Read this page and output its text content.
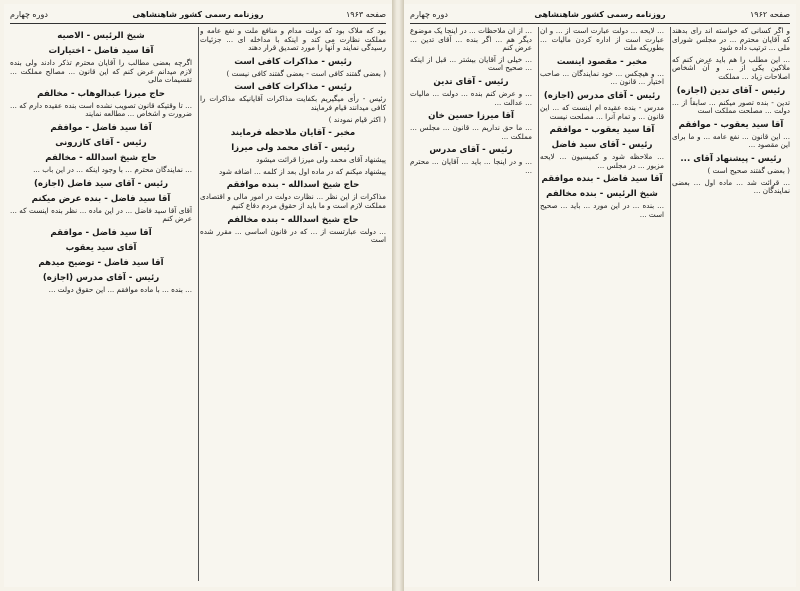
دوره چهارم	روزنامه رسمی کشور شاهنشاهی	صفحه ۱۹۶۳

بود که ملاک بود که دولت مدام و منافع ملت و نفع عامه و مملکت نظارت می کند و اینکه با مداخله ای ... جزئیات رسیدگی نمایند و آنها را مورد تصدیق قرار دهند

رئیس - مذاکرات کافی است

( بعضی گفتند کافی است - بعضی گفتند کافی نیست )

رئیس - مذاکرات کافی است

رئیس - رأی میگیریم بکفایت مذاکرات آقایانیکه مذاکرات را کافی میدانند قیام فرمایند

( اکثر قیام نمودند )

مخبر - آقایان ملاحظه فرمایند
رئیس - آقای محمد ولی میرزا

پیشنهاد آقای محمد ولی میرزا قرائت میشود

پیشنهاد میکنم که در ماده اول بعد از کلمه ... اضافه شود

حاج شیخ اسدالله - بنده موافقم

مذاکرات از این نظر ... نظارت دولت در امور مالی و اقتصادی مملکت لازم است و ما باید از حقوق مردم دفاع کنیم

حاج شیخ اسدالله - بنده مخالفم

... دولت عبارتست از ... که در قانون اساسی ... مقرر شده است

شیخ الرئیس - الاصیه
آقا سید فاضل - اختیارات

اگرچه بعضی مطالب را آقایان محترم تذکر دادند ولی بنده لازم میدانم عرض کنم که این قانون ... مصالح مملکت ... تقسیمات مالی

حاج میرزا عبدالوهاب - مخالفم

... تا وقتیکه قانون تصویب نشده است بنده عقیده دارم که ... ضرورت و اشخاص ... مطالعه نمایند

آقا سید فاضل - موافقم
رئیس - آقای کازرونی
حاج شیخ اسدالله - مخالفم

... نمایندگان محترم ... با وجود اینکه ... در این باب ...

رئیس - آقای سید فاضل (اجازه)
آقا سید فاضل - بنده عرض میکنم

آقای آقا سید فاضل ... در این ماده ... نظر بنده اینست که ... عرض کنم

آقا سید فاضل - موافقم
آقای سید یعقوب
آقا سید فاضل - توضیح میدهم
رئیس - آقای مدرس (اجازه)

... بنده ... با ماده موافقم ... این حقوق دولت ...

دوره چهارم	روزنامه رسمی کشور شاهنشاهی	صفحه ۱۹۶۲

و اگر کسانی که خواسته اند رأی بدهند که آقایان محترم ... در مجلس شورای ملی ... ترتیب داده شود

... این مطلب را هم باید عرض کنم که ملاکین یکی از ... و آن اشخاص اصلاحات زیاد ... مملکت

رئیس - آقای تدین (اجازه)

تدین - بنده تصور میکنم ... سابقاً از ... دولت ... مصلحت مملکت است

آقا سید یعقوب - موافقم

... این قانون ... نفع عامه ... و ما برای این مقصود ...

رئیس - پیشنهاد آقای ...

( بعضی گفتند صحیح است )

... قرائت شد ... ماده اول ... بعضی نمایندگان ...

... لایحه ... دولت عبارت است از ... و آن عبارت است از اداره کردن مالیات ... بطوریکه ملت

مخبر - مقصود اینست

... و هیچکس ... خود نمایندگان ... صاحب اختیار ... قانون ...

رئیس - آقای مدرس (اجازه)

مدرس - بنده عقیده ام اینست که ... این قانون ... و تمام آنرا ... مصلحت نیست

آقا سید یعقوب - موافقم
رئیس - آقای سید فاضل

... ملاحظه شود و کمیسیون ... لایحه مزبور ... در مجلس ...

آقا سید فاضل - بنده موافقم
شیخ الرئیس - بنده مخالفم

... بنده ... در این مورد ... باید ... صحیح است ...

... از آن ملاحظات ... در اینجا یک موضوع دیگر هم ... اگر بنده ... آقای تدین ... عرض کنم

... خیلی از آقایان بیشتر ... قبل از اینکه ... صحیح است

رئیس - آقای تدین

... و عرض کنم بنده ... دولت ... مالیات ... عدالت ...

آقا میرزا حسین خان

... ما حق نداریم ... قانون ... مجلس ... مملکت ...

رئیس - آقای مدرس

... و در اینجا ... باید ... آقایان ... محترم ...
